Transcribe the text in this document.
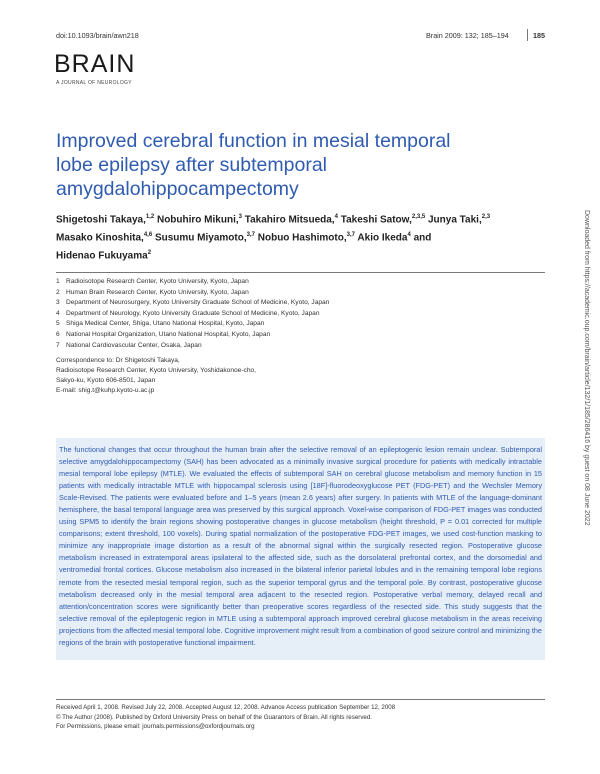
doi:10.1093/brain/awn218	Brain 2009: 132; 185–194	185
BRAIN
A JOURNAL OF NEUROLOGY
Improved cerebral function in mesial temporal
lobe epilepsy after subtemporal
amygdalohippocampectomy
Shigetoshi Takaya,$^{1,2}$ Nobuhiro Mikuni,$^3$ Takahiro Mitsueda,$^4$ Takeshi Satow,$^{2,3,5}$ Junya Taki,$^{2,3}$
Masako Kinoshita,$^{4,6}$ Susumu Miyamoto,$^{3,7}$ Nobuo Hashimoto,$^{3,7}$ Akio Ikeda$^4$ and
Hidenao Fukuyama$^2$
1 Radioisotope Research Center, Kyoto University, Kyoto, Japan
2 Human Brain Research Center, Kyoto University, Kyoto, Japan
3 Department of Neurosurgery, Kyoto University Graduate School of Medicine, Kyoto, Japan
4 Department of Neurology, Kyoto University Graduate School of Medicine, Kyoto, Japan
5 Shiga Medical Center, Shiga, Utano National Hospital, Kyoto, Japan
6 National Hospital Organization, Utano National Hospital, Kyoto, Japan
7 National Cardiovascular Center, Osaka, Japan
Correspondence to: Dr Shigetoshi Takaya,
Radioisotope Research Center, Kyoto University, Yoshidakonoe-cho,
Sakyo-ku, Kyoto 606-8501, Japan
E-mail: shig.t@kuhp.kyoto-u.ac.jp

The functional changes that occur throughout the human brain after the selective removal of an epileptogenic lesion remain unclear. Subtemporal selective amygdalohippocampectomy (SAH) has been advocated as a minimally invasive surgical procedure for patients with medically intractable mesial temporal lobe epilepsy (MTLE). We evaluated the effects of subtemporal SAH on cerebral glucose metabolism and memory function in 15 patients with medically intractable MTLE with hippocampal sclerosis using [18F]-fluorodeoxyglucose PET (FDG-PET) and the Wechsler Memory Scale-Revised. The patients were evaluated before and 1–5 years (mean 2.6 years) after surgery. In patients with MTLE of the language-dominant hemisphere, the basal temporal language area was preserved by this surgical approach. Voxel-wise comparison of FDG-PET images was conducted using SPM5 to identify the brain regions showing postoperative changes in glucose metabolism (height threshold, P = 0.01 corrected for multiple comparisons; extent threshold, 100 voxels). During spatial normalization of the postoperative FDG-PET images, we used cost-function masking to minimize any inappropriate image distortion as a result of the abnormal signal within the surgically resected region. Postoperative glucose metabolism increased in extratemporal areas ipsilateral to the affected side, such as the dorsolateral prefrontal cortex, and the dorsomedial and ventromedial frontal cortices. Glucose metabolism also increased in the bilateral inferior parietal lobules and in the remaining temporal lobe regions remote from the resected mesial temporal region, such as the superior temporal gyrus and the temporal pole. By contrast, postoperative glucose metabolism decreased only in the mesial temporal area adjacent to the resected region. Postoperative verbal memory, delayed recall and attention/concentration scores were significantly better than preoperative scores regardless of the resected side. This study suggests that the selective removal of the epileptogenic region in MTLE using a subtemporal approach improved cerebral glucose metabolism in the areas receiving projections from the affected mesial temporal lobe. Cognitive improvement might result from a combination of good seizure control and minimizing the regions of the brain with postoperative functional impairment.

Received April 1, 2008. Revised July 22, 2008. Accepted August 12, 2008. Advance Access publication September 12, 2008
© The Author (2008). Published by Oxford University Press on behalf of the Guarantors of Brain. All rights reserved.
For Permissions, please email: journals.permissions@oxfordjournals.org
Downloaded from https://academic.oup.com/brain/article/132/1/185/286416 by guest on 08 June 2022
